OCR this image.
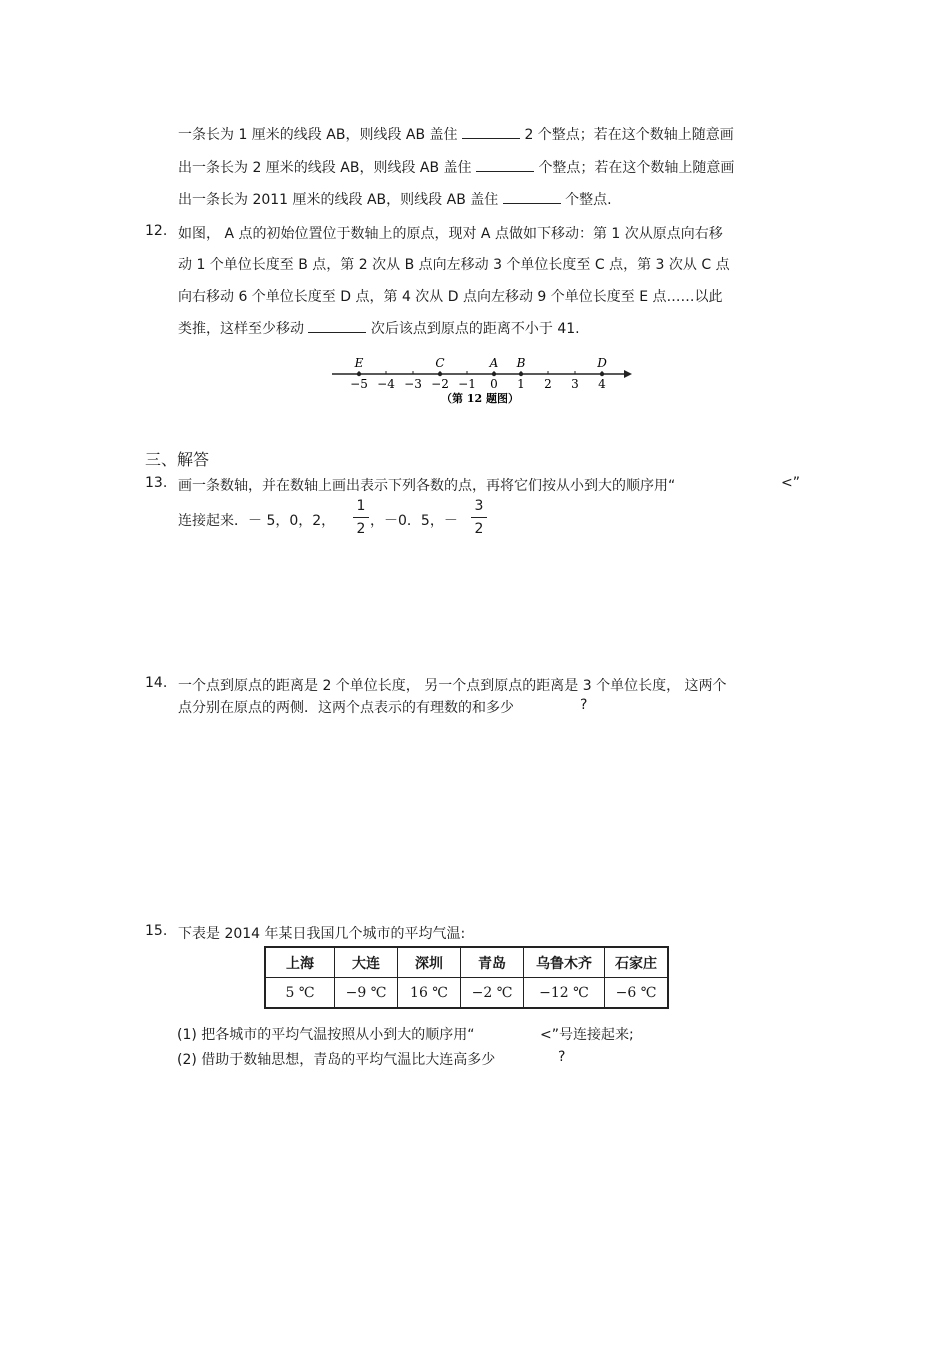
一条长为 1 厘米的线段 AB，则线段 AB 盖住	2 个整点；若在这个数轴上随意画
出一条长为 2 厘米的线段 AB，则线段 AB 盖住	个整点；若在这个数轴上随意画
出一条长为 2011 厘米的线段 AB，则线段 AB 盖住	个整点.
12. 如图， A 点的初始位置位于数轴上的原点，现对 A 点做如下移动：第 1 次从原点向右移
动 1 个单位长度至 B 点，第 2 次从 B 点向左移动 3 个单位长度至 C 点，第 3 次从 C 点
向右移动 6 个单位长度至 D 点，第 4 次从 D 点向左移动 9 个单位长度至 E 点……以此
类推，这样至少移动	次后该点到原点的距离不小于 41.
−5 −4 −3 −2 −1 0 1 2 3 4
E	C	A B	D
（第 12 题图）
三、解答
13. 画一条数轴，并在数轴上画出表示下列各数的点，再将它们按从小到大的顺序用“	<”
连接起来．－ 5，0，2，
1
2 ，－0．5，－
3
2
14. 一个点到原点的距离是 2 个单位长度， 另一个点到原点的距离是 3 个单位长度， 这两个
点分别在原点的两侧．这两个点表示的有理数的和多少	?
15. 下表是 2014 年某日我国几个城市的平均气温:
上海	大连	深圳	青岛	乌鲁木齐	石家庄
5 ℃	−9 ℃	16 ℃	−2 ℃	−12 ℃	−6 ℃
(1) 把各城市的平均气温按照从小到大的顺序用“	<”号连接起来;
(2) 借助于数轴思想，青岛的平均气温比大连高多少	?
